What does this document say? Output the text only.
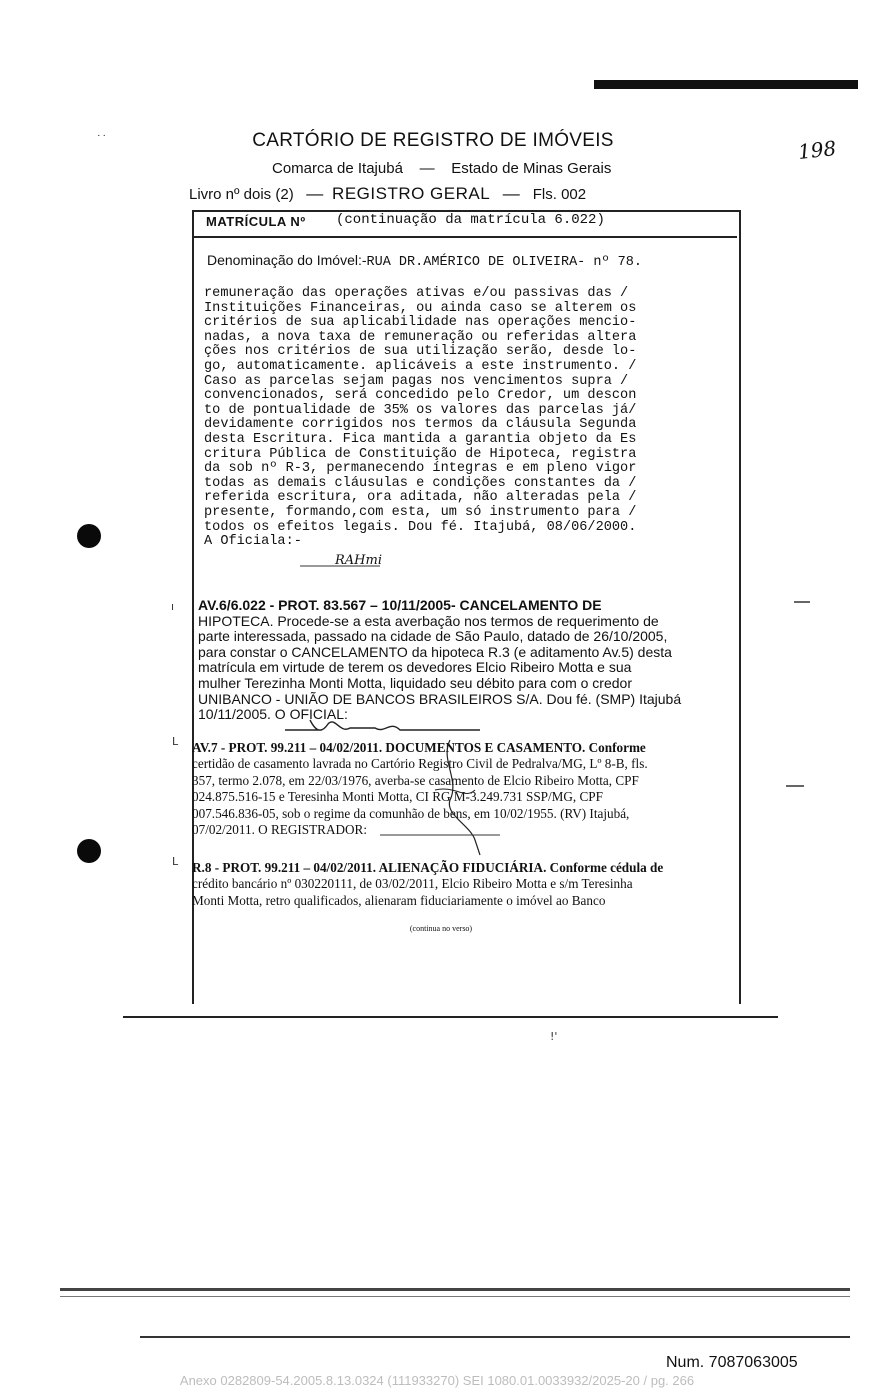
CARTÓRIO DE REGISTRO DE IMÓVEIS	198
Comarca de Itajubá — Estado de Minas Gerais
Livro nº dois (2) — REGISTRO GERAL — Fls. 002
MATRÍCULA Nº (continuação da matrícula 6.022)
Denominação do Imóvel:-RUA DR.AMÉRICO DE OLIVEIRA- nº 78.
remuneração das operações ativas e/ou passivas das /
Instituições Financeiras, ou ainda caso se alterem os
critérios de sua aplicabilidade nas operações mencio-
nadas, a nova taxa de remuneração ou referidas altera
ções nos critérios de sua utilização serão, desde lo-
go, automaticamente. aplicáveis a este instrumento. /
Caso as parcelas sejam pagas nos vencimentos supra /
convencionados, será concedido pelo Credor, um descon
to de pontualidade de 35% os valores das parcelas já/
devidamente corrigidos nos termos da cláusula Segunda
desta Escritura. Fica mantida a garantia objeto da Es
critura Pública de Constituição de Hipoteca, registra
da sob nº R-3, permanecendo íntegras e em pleno vigor
todas as demais cláusulas e condições constantes da /
referida escritura, ora aditada, não alteradas pela /
presente, formando,com esta, um só instrumento para /
todos os efeitos legais. Dou fé. Itajubá, 08/06/2000.
A Oficiala:-
RAHmi
AV.6/6.022 - PROT. 83.567 – 10/11/2005- CANCELAMENTO DE
HIPOTECA. Procede-se a esta averbação nos termos de requerimento de
parte interessada, passado na cidade de São Paulo, datado de 26/10/2005,
para constar o CANCELAMENTO da hipoteca R.3 (e aditamento Av.5) desta
matrícula em virtude de terem os devedores Elcio Ribeiro Motta e sua
mulher Terezinha Monti Motta, liquidado seu débito para com o credor
UNIBANCO - UNIÃO DE BANCOS BRASILEIROS S/A. Dou fé. (SMP) Itajubá
10/11/2005. O OFICIAL:
AV.7 - PROT. 99.211 – 04/02/2011. DOCUMENTOS E CASAMENTO. Conforme
certidão de casamento lavrada no Cartório Registro Civil de Pedralva/MG, Lº 8-B, fls.
357, termo 2.078, em 22/03/1976, averba-se casamento de Elcio Ribeiro Motta, CPF
024.875.516-15 e Teresinha Monti Motta, CI RG M-3.249.731 SSP/MG, CPF
007.546.836-05, sob o regime da comunhão de bens, em 10/02/1955. (RV) Itajubá,
07/02/2011. O REGISTRADOR:
R.8 - PROT. 99.211 – 04/02/2011. ALIENAÇÃO FIDUCIÁRIA. Conforme cédula de
crédito bancário nº 030220111, de 03/02/2011, Elcio Ribeiro Motta e s/m Teresinha
Monti Motta, retro qualificados, alienaram fiduciariamente o imóvel ao Banco
(continua no verso)
˙˙
ı
L
L
!'
Num. 7087063005
Anexo 0282809-54.2005.8.13.0324 (111933270) SEI 1080.01.0033932/2025-20 / pg. 266
